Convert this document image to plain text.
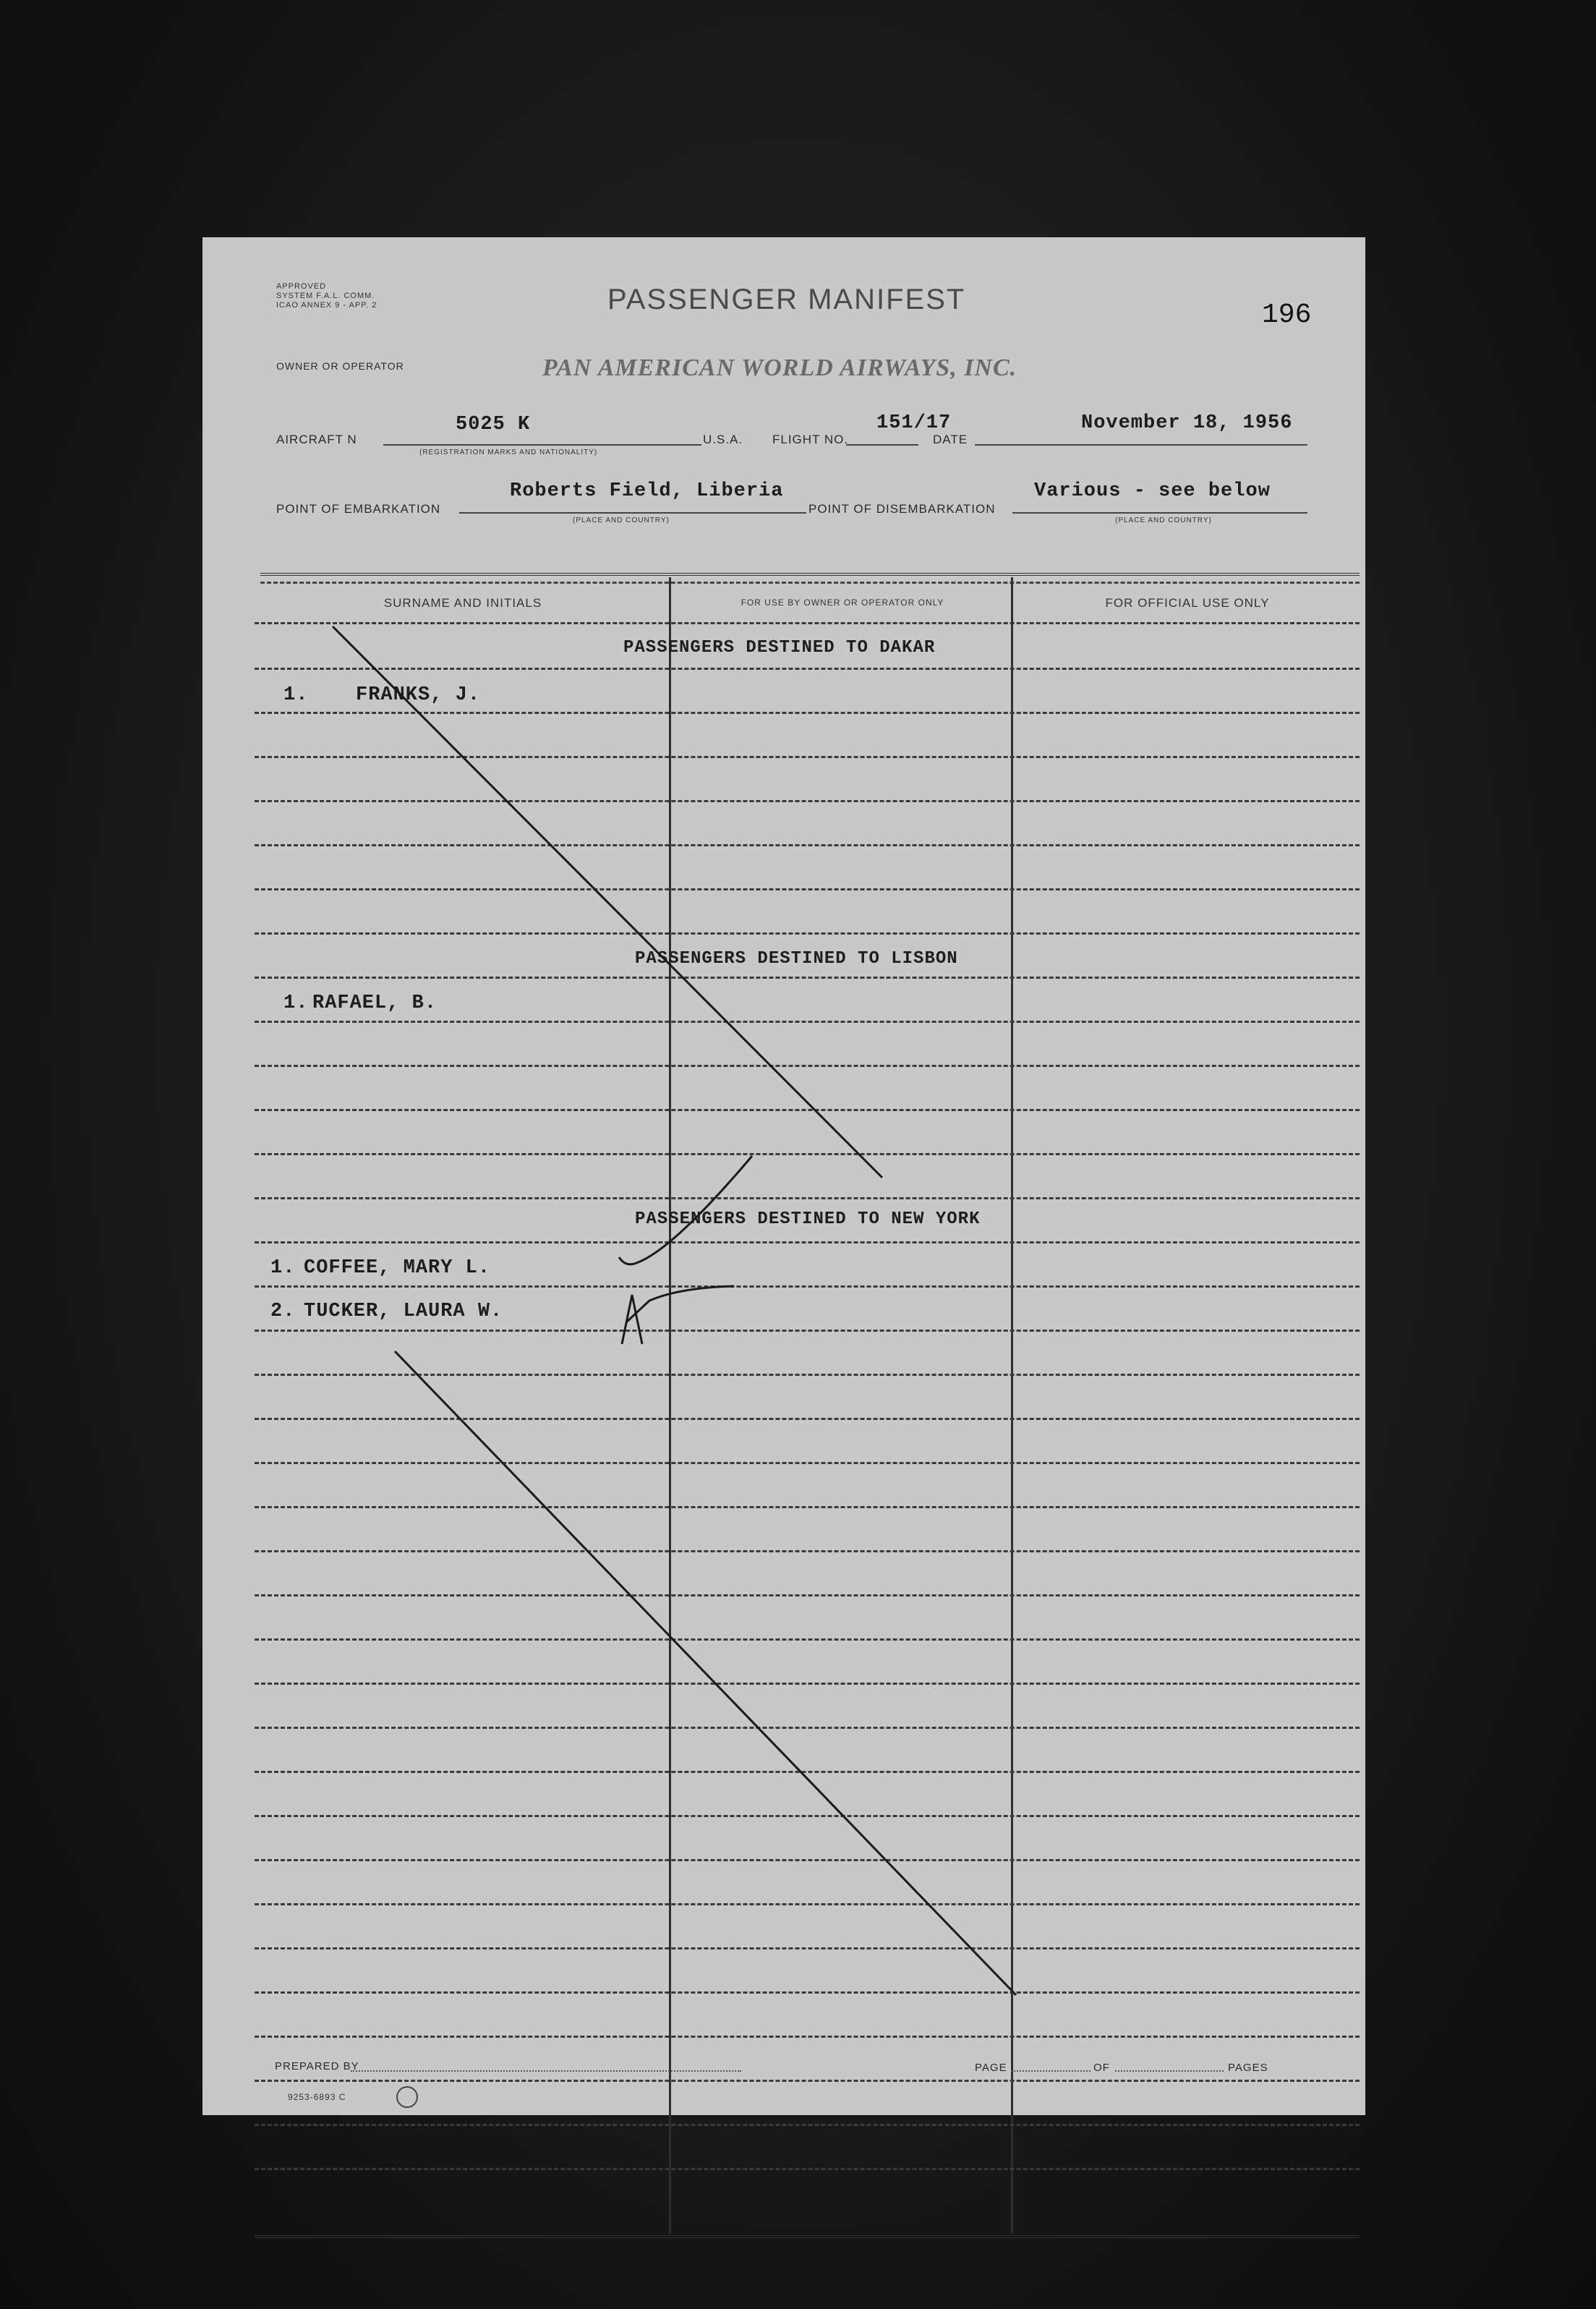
APPROVED
SYSTEM F.A.L. COMM.
ICAO ANNEX 9 - APP. 2	PASSENGER MANIFEST	196
OWNER OR OPERATOR	PAN AMERICAN WORLD AIRWAYS, INC.
AIRCRAFT N
5025 K
(REGISTRATION MARKS AND NATIONALITY)
U.S.A. FLIGHT NO.
151/17
DATE
November 18, 1956
POINT OF EMBARKATION
Roberts Field, Liberia
(PLACE AND COUNTRY)
POINT OF DISEMBARKATION
Various - see below
(PLACE AND COUNTRY)
SURNAME AND INITIALS	FOR USE BY OWNER OR OPERATOR ONLY	FOR OFFICIAL USE ONLY
PASSENGERS DESTINED TO DAKAR
1. FRANKS, J.
PASSENGERS DESTINED TO LISBON
1. RAFAEL, B.
PASSENGERS DESTINED TO NEW YORK
1. COFFEE, MARY L.
2. TUCKER, LAURA W.
PREPARED BY	PAGE	OF	PAGES
9253-6893 C
